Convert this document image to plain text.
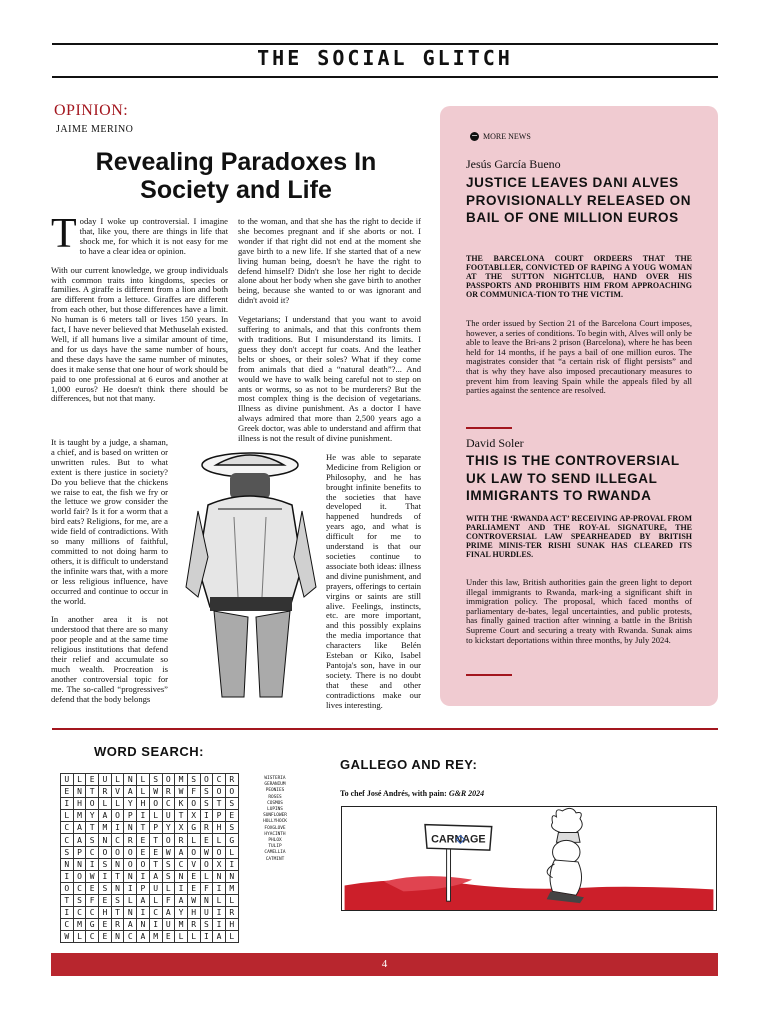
THE SOCIAL GLITCH
OPINION:
JAIME MERINO
Revealing Paradoxes In Society and Life

Today I woke up controversial. I imagine that, like you, there are things in life that shock me, for which it is not easy for me to have a clear idea or opinion.

With our current knowledge, we group individuals with common traits into kingdoms, species or families. A giraffe is different from a lion and both are different from a lettuce. Giraffes are different from each other, but those differences have a limit. No human is 6 meters tall or lives 150 years. In fact, I have never believed that Methuselah existed. Well, if all humans live a similar amount of time, and for us days have the same number of hours, and these days have the same number of minutes, does it make sense that one hour of work should be paid to one professional at 6 euros and another at 1,000 euros? He doesn't think there should be differences, but not that many.

It is taught by a judge, a shaman, a chief, and is based on written or unwritten rules. But to what extent is there justice in society? Do you believe that the chickens we raise to eat, the fish we fry or the lettuce we grow consider the world fair? Is it for a worm that a bird eats? Religions, for me, are a wide field of contradictions. With so many millions of faithful, committed to not doing harm to others, it is difficult to understand the infinite wars that, with a more or less religious influence, have occurred and continue to occur in the world.

In another area it is not understood that there are so many poor people and at the same time religious institutions that defend their relief and accumulate so much wealth. Procreation is another controversial topic for me. The so-called “progressives” defend that the body belongs

to the woman, and that she has the right to decide if she becomes pregnant and if she aborts or not. I wonder if that right did not end at the moment she gave birth to a new life. If she started that of a new living human being, doesn't he have the right to defend himself? Didn't she lose her right to decide alone about her body when she gave birth to another being, because she wanted to or was ignorant and didn't avoid it?

Vegetarians; I understand that you want to avoid suffering to animals, and that this confronts them with traditions. But I misunderstand its limits. I guess they don't accept fur coats. And the leather belts or shoes, or their soles? What if they come from animals that died a “natural death”?... And would we have to walk being careful not to step on ants or worms, so as not to be murderers? But the most complex thing is the decision of vegetarians. Illness as divine punishment. As a doctor I have always admired that more than 2,500 years ago a Greek doctor, was able to understand and affirm that illness is not the result of divine punishment.

He was able to separate Medicine from Religion or Philosophy, and he has brought infinite benefits to the societies that have developed it. That happened hundreds of years ago, and what is difficult for me to understand is that our societies continue to associate both ideas: illness and divine punishment, and prayers, offerings to certain virgins or saints are still alive. Feelings, instincts, etc. are more important, and this possibly explains the media importance that characters like Belén Esteban or Kiko, Isabel Pantoja's son, have in our society. There is no doubt that these and other contradictions make our lives interesting.

− MORE NEWS
Jesús García Bueno
JUSTICE LEAVES DANI ALVES PROVISIONALLY RELEASED ON BAIL OF ONE MILLION EUROS
THE BARCELONA COURT ORDEERS THAT THE FOOTABLLER, CONVICTED OF RAPING A YOUG WOMAN AT THE SUTTON NIGHTCLUB, HAND OVER HIS PASSPORTS AND PROHIBITS HIM FROM APPROACHING OR COMMUNICA-TION TO THE VICTIM.
The order issued by Section 21 of the Barcelona Court imposes, however, a series of conditions. To begin with, Alves will only be able to leave the Bri-ans 2 prison (Barcelona), where he has been held for 14 months, if he pays a bail of one million euros. The magistrates consider that “a certain risk of flight persists” and that is why they have also imposed precautionary measures to prevent him from leaving Spain while the appeals filed by all parties against the sentence are resolved.
David Soler
THIS IS THE CONTROVERSIAL UK LAW TO SEND ILLEGAL IMMIGRANTS TO RWANDA
WITH THE ‘RWANDA ACT’ RECEIVING AP-PROVAL FROM PARLIAMENT AND THE ROY-AL SIGNATURE, THE CONTROVERSIAL LAW SPEARHEADED BY BRITISH PRIME MINIS-TER RISHI SUNAK HAS CLEARED ITS FINAL HURDLES.
Under this law, British authorities gain the green light to deport illegal immigrants to Rwanda, mark-ing a significant shift in immigration policy. The proposal, which faced months of parliamentary de-bates, legal uncertainties, and public protests, has finally gained traction after winning a battle in the British Supreme Court and securing a treaty with Rwanda. Sunak aims to kickstart deportations within three months, by July 2024.
WORD SEARCH:
U	L	E	U	L	N	L	S	O	M	S	O	C	R
E	N	T	R	V	A	L	W	R	W	F	S	O	O
I	H	O	L	L	Y	H	O	C	K	O	S	T	S
L	M	Y	A	O	P	I	L	U	T	X	I	P	E
C	A	T	M	I	N	T	P	Y	X	G	R	H	S
C	A	S	N	C	R	E	T	O	R	L	E	L	G
S	P	C	O	O	O	E	E	W	A	O	W	O	L
N	N	I	S	N	O	O	T	S	C	V	O	X	I
I	O	W	I	T	N	I	A	S	N	E	L	N	N
O	C	E	S	N	I	P	U	L	I	E	F	I	M
T	S	F	E	S	L	A	L	F	A	W	N	L	L
I	C	C	H	T	N	I	C	A	Y	H	U	I	R
C	M	G	E	R	A	N	I	U	M	R	S	I	H
W	L	C	E	N	C	A	M	E	L	L	I	A	L
WISTERIA
GERANIUM
PEONIES
ROSES
COSMOS
LUPINS
SUNFLOWER
HOLLYHOCK
FOXGLOVE
HYACINTH
PHLOX
TULIP
CAMELLIA
CATMINT
GALLEGO AND REY:
To chef José Andrés, with pain: G&R 2024
CARNAGE
4
